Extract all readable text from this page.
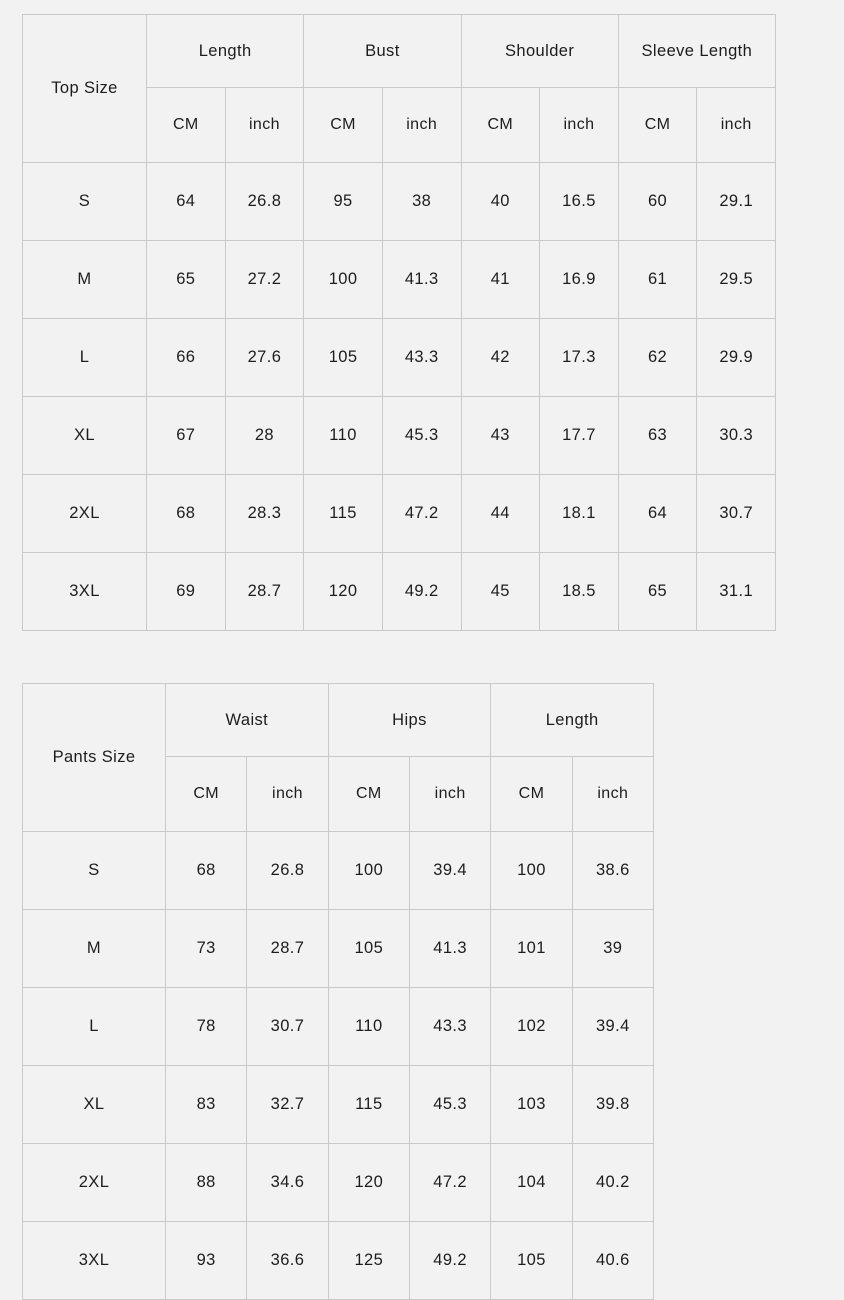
Top Size	Length		Bust		Shoulder		Sleeve Length	
	CM	inch	CM	inch	CM	inch	CM	inch
S	64	26.8	95	38	40	16.5	60	29.1
M	65	27.2	100	41.3	41	16.9	61	29.5
L	66	27.6	105	43.3	42	17.3	62	29.9
XL	67	28	110	45.3	43	17.7	63	30.3
2XL	68	28.3	115	47.2	44	18.1	64	30.7
3XL	69	28.7	120	49.2	45	18.5	65	31.1
Pants Size	Waist		Hips		Length	
	CM	inch	CM	inch	CM	inch
S	68	26.8	100	39.4	100	38.6
M	73	28.7	105	41.3	101	39
L	78	30.7	110	43.3	102	39.4
XL	83	32.7	115	45.3	103	39.8
2XL	88	34.6	120	47.2	104	40.2
3XL	93	36.6	125	49.2	105	40.6
